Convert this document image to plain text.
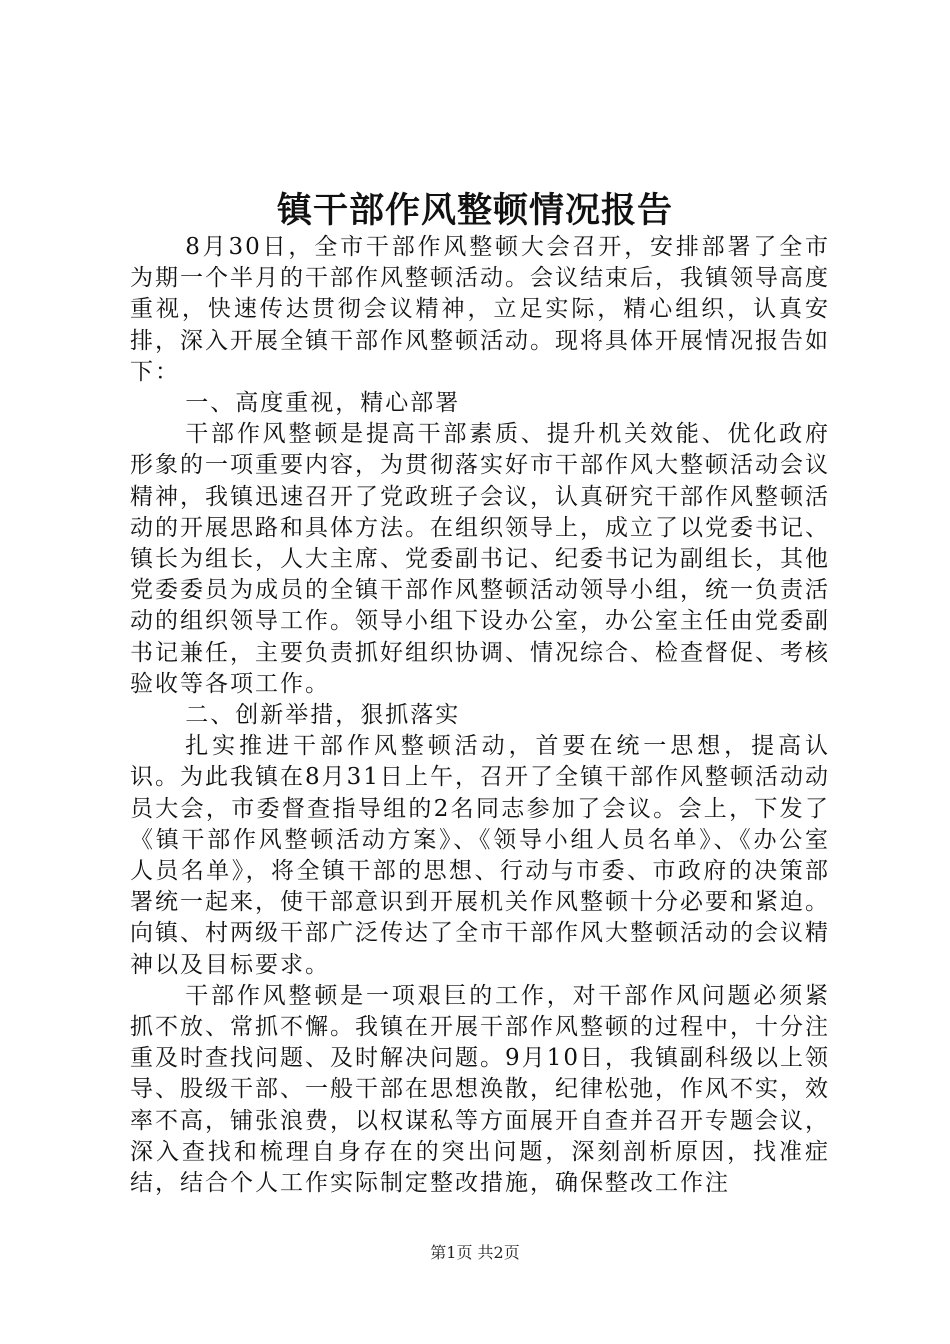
镇干部作风整顿情况报告

8月30日，全市干部作风整顿大会召开，安排部署了全市为期一个半月的干部作风整顿活动。会议结束后，我镇领导高度重视，快速传达贯彻会议精神，立足实际，精心组织，认真安排，深入开展全镇干部作风整顿活动。现将具体开展情况报告如下：

一、高度重视，精心部署

干部作风整顿是提高干部素质、提升机关效能、优化政府形象的一项重要内容，为贯彻落实好市干部作风大整顿活动会议精神，我镇迅速召开了党政班子会议，认真研究干部作风整顿活动的开展思路和具体方法。在组织领导上，成立了以党委书记、镇长为组长，人大主席、党委副书记、纪委书记为副组长，其他党委委员为成员的全镇干部作风整顿活动领导小组，统一负责活动的组织领导工作。领导小组下设办公室，办公室主任由党委副书记兼任，主要负责抓好组织协调、情况综合、检查督促、考核验收等各项工作。

二、创新举措，狠抓落实

扎实推进干部作风整顿活动，首要在统一思想，提高认识。为此我镇在8月31日上午，召开了全镇干部作风整顿活动动员大会，市委督查指导组的2名同志参加了会议。会上，下发了《镇干部作风整顿活动方案》、《领导小组人员名单》、《办公室人员名单》，将全镇干部的思想、行动与市委、市政府的决策部署统一起来，使干部意识到开展机关作风整顿十分必要和紧迫。向镇、村两级干部广泛传达了全市干部作风大整顿活动的会议精神以及目标要求。

干部作风整顿是一项艰巨的工作，对干部作风问题必须紧抓不放、常抓不懈。我镇在开展干部作风整顿的过程中，十分注重及时查找问题、及时解决问题。9月10日，我镇副科级以上领导、股级干部、一般干部在思想涣散，纪律松弛，作风不实，效率不高，铺张浪费，以权谋私等方面展开自查并召开专题会议，深入查找和梳理自身存在的突出问题，深刻剖析原因，找准症结，结合个人工作实际制定整改措施，确保整改工作注

第1页 共2页
